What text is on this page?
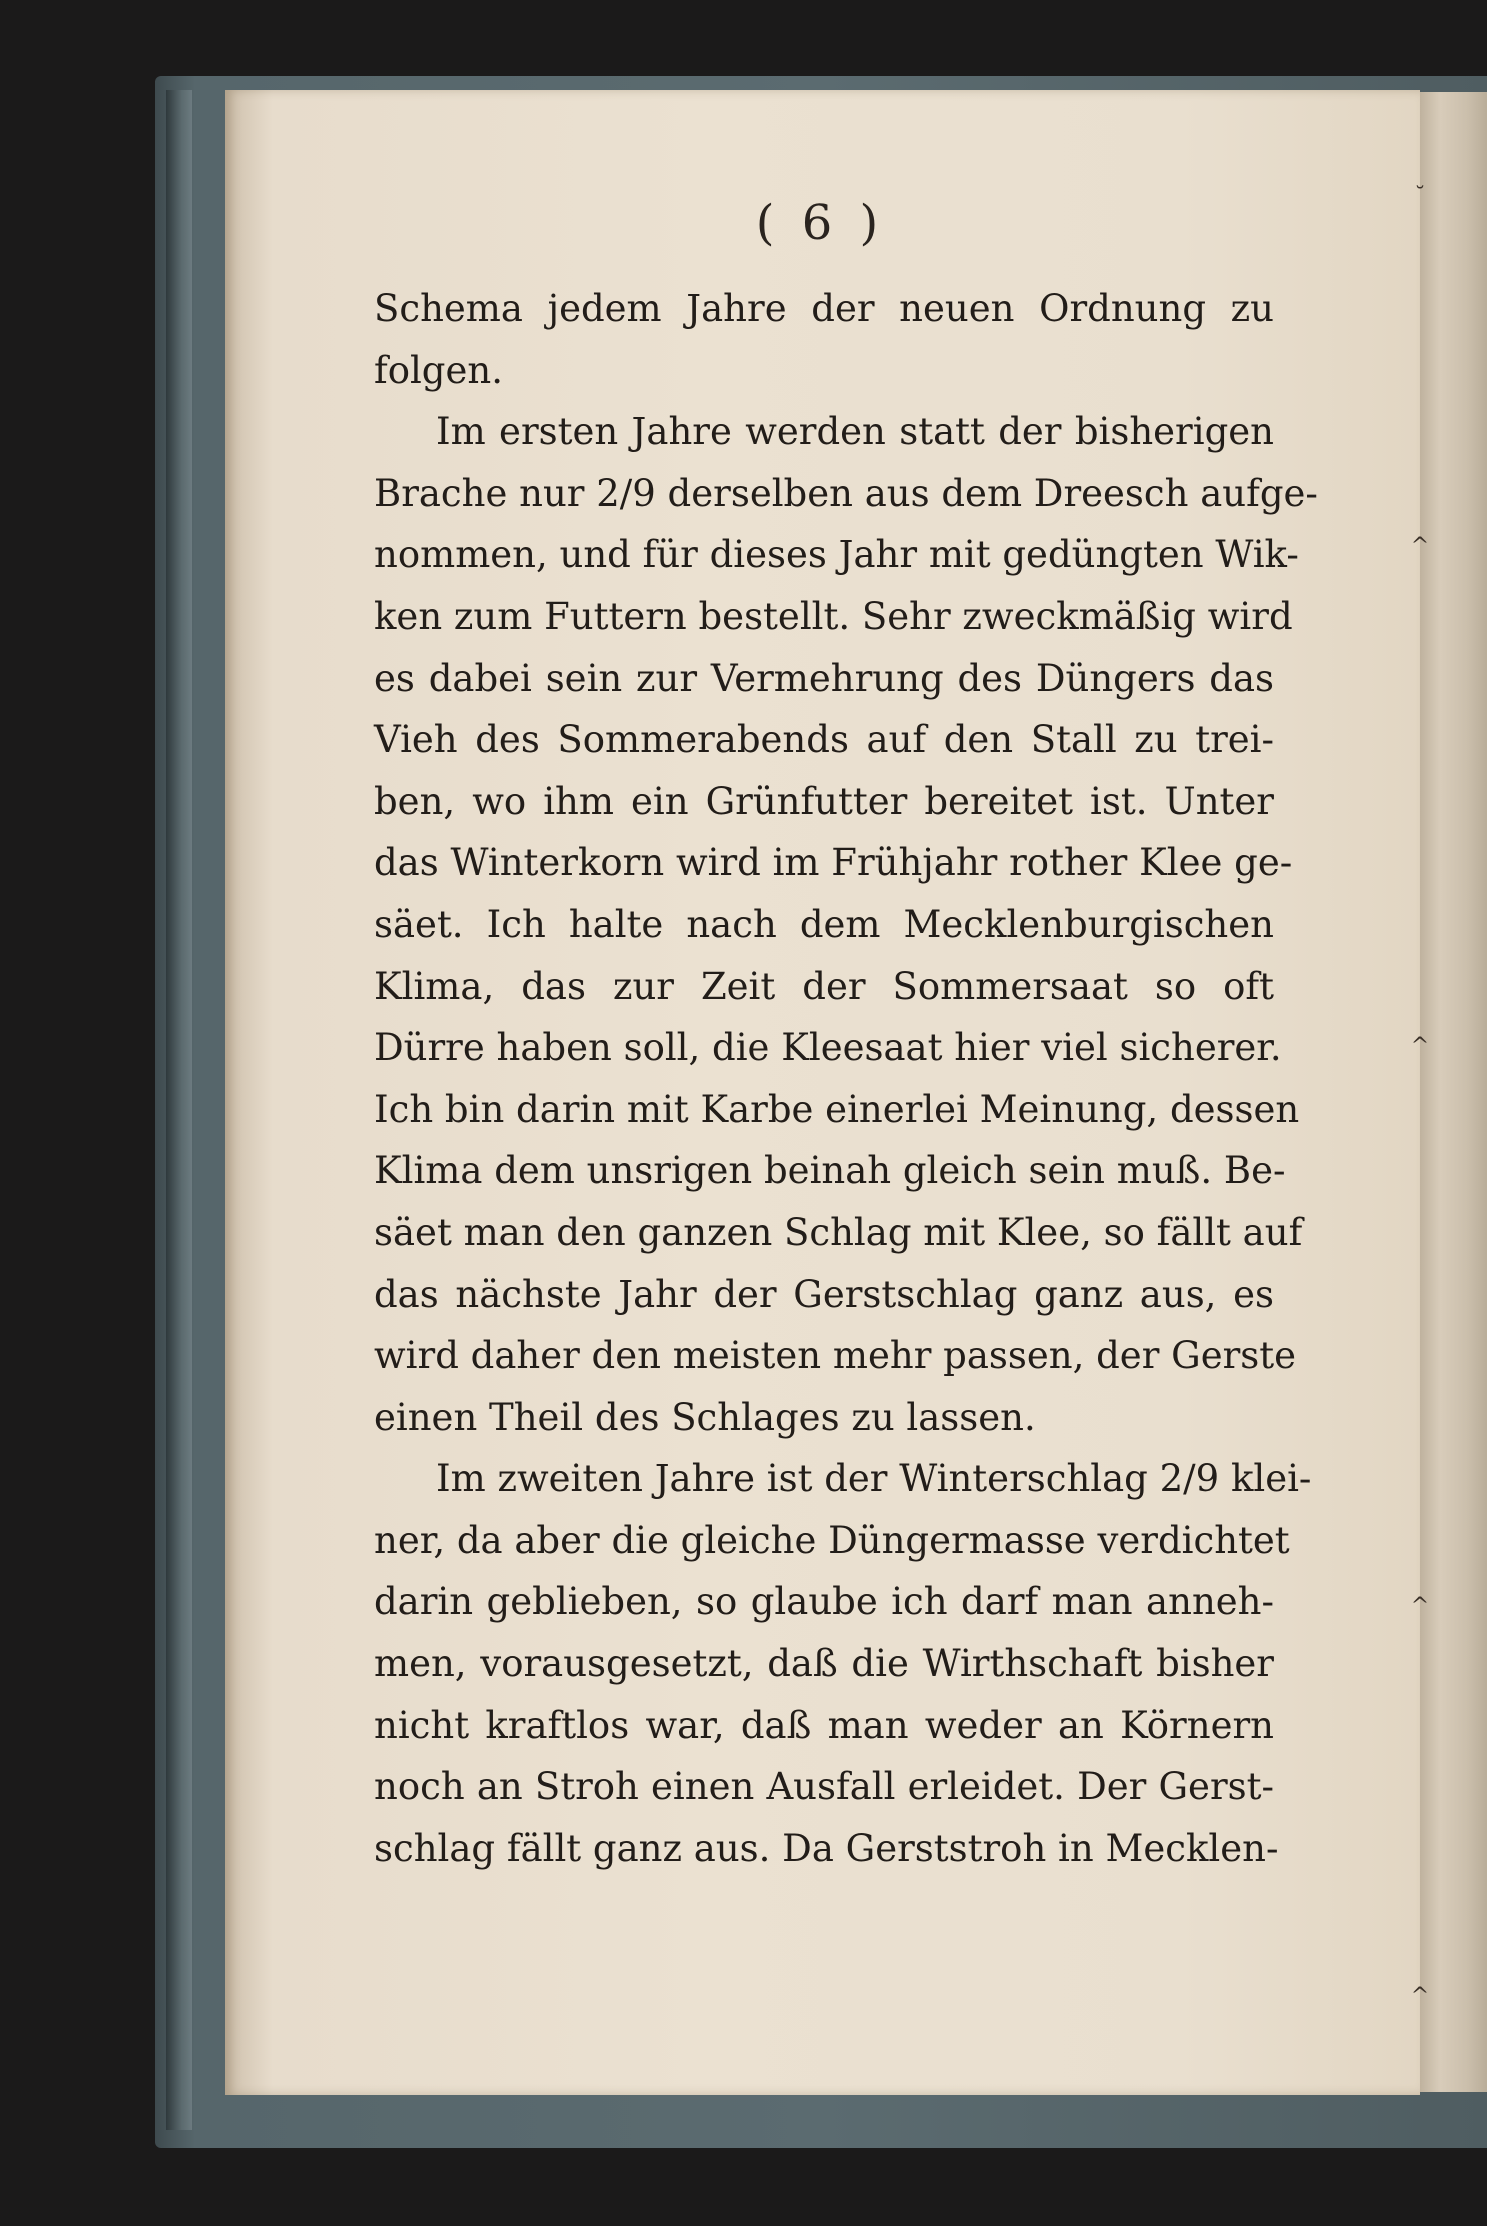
˘
^
^
^
^
( 6 )
Schema jedem Jahre der neuen Ordnung zu
folgen.
Im ersten Jahre werden statt der bisherigen
Brache nur 2/9 derselben aus dem Dreesch aufge-
nommen, und für dieses Jahr mit gedüngten Wik-
ken zum Futtern bestellt. Sehr zweckmäßig wird
es dabei sein zur Vermehrung des Düngers das
Vieh des Sommerabends auf den Stall zu trei-
ben, wo ihm ein Grünfutter bereitet ist. Unter
das Winterkorn wird im Frühjahr rother Klee ge-
säet. Ich halte nach dem Mecklenburgischen
Klima, das zur Zeit der Sommersaat so oft
Dürre haben soll, die Kleesaat hier viel sicherer.
Ich bin darin mit Karbe einerlei Meinung, dessen
Klima dem unsrigen beinah gleich sein muß. Be-
säet man den ganzen Schlag mit Klee, so fällt auf
das nächste Jahr der Gerstschlag ganz aus, es
wird daher den meisten mehr passen, der Gerste
einen Theil des Schlages zu lassen.
Im zweiten Jahre ist der Winterschlag 2/9 klei-
ner, da aber die gleiche Düngermasse verdichtet
darin geblieben, so glaube ich darf man anneh-
men, vorausgesetzt, daß die Wirthschaft bisher
nicht kraftlos war, daß man weder an Körnern
noch an Stroh einen Ausfall erleidet. Der Gerst-
schlag fällt ganz aus. Da Gerststroh in Mecklen-
